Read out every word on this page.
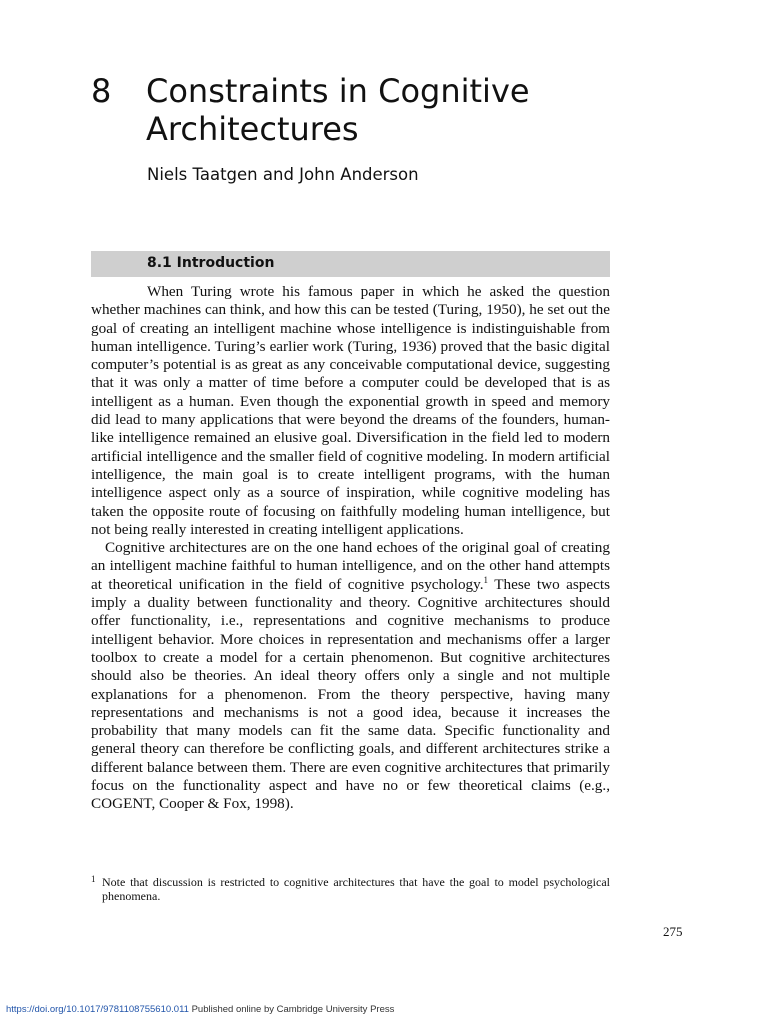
8 Constraints in Cognitive Architectures
Niels Taatgen and John Anderson
8.1 Introduction

When Turing wrote his famous paper in which he asked the question whether machines can think, and how this can be tested (Turing, 1950), he set out the goal of creating an intelligent machine whose intelligence is indistinguishable from human intelligence. Turing’s earlier work (Turing, 1936) proved that the basic digital computer’s potential is as great as any conceivable computational device, suggesting that it was only a matter of time before a computer could be developed that is as intelligent as a human. Even though the exponential growth in speed and memory did lead to many applications that were beyond the dreams of the founders, human-like intelligence remained an elusive goal. Diversification in the field led to modern artificial intelligence and the smaller field of cognitive modeling. In modern artificial intelligence, the main goal is to create intelligent programs, with the human intelligence aspect only as a source of inspiration, while cognitive modeling has taken the opposite route of focusing on faithfully modeling human intelligence, but not being really interested in creating intelligent applications.

Cognitive architectures are on the one hand echoes of the original goal of creating an intelligent machine faithful to human intelligence, and on the other hand attempts at theoretical unification in the field of cognitive psychology.$^1$ These two aspects imply a duality between functionality and theory. Cognitive architectures should offer functionality, i.e., representations and cognitive mechanisms to produce intelligent behavior. More choices in representation and mechanisms offer a larger toolbox to create a model for a certain phenomenon. But cognitive architectures should also be theories. An ideal theory offers only a single and not multiple explanations for a phenomenon. From the theory perspective, having many representations and mechanisms is not a good idea, because it increases the probability that many models can fit the same data. Specific functionality and general theory can therefore be conflicting goals, and different architectures strike a different balance between them. There are even cognitive architectures that primarily focus on the functionality aspect and have no or few theoretical claims (e.g., COGENT, Cooper & Fox, 1998).

1 Note that discussion is restricted to cognitive architectures that have the goal to model psychological phenomena.
275
https://doi.org/10.1017/9781108755610.011 Published online by Cambridge University Press
